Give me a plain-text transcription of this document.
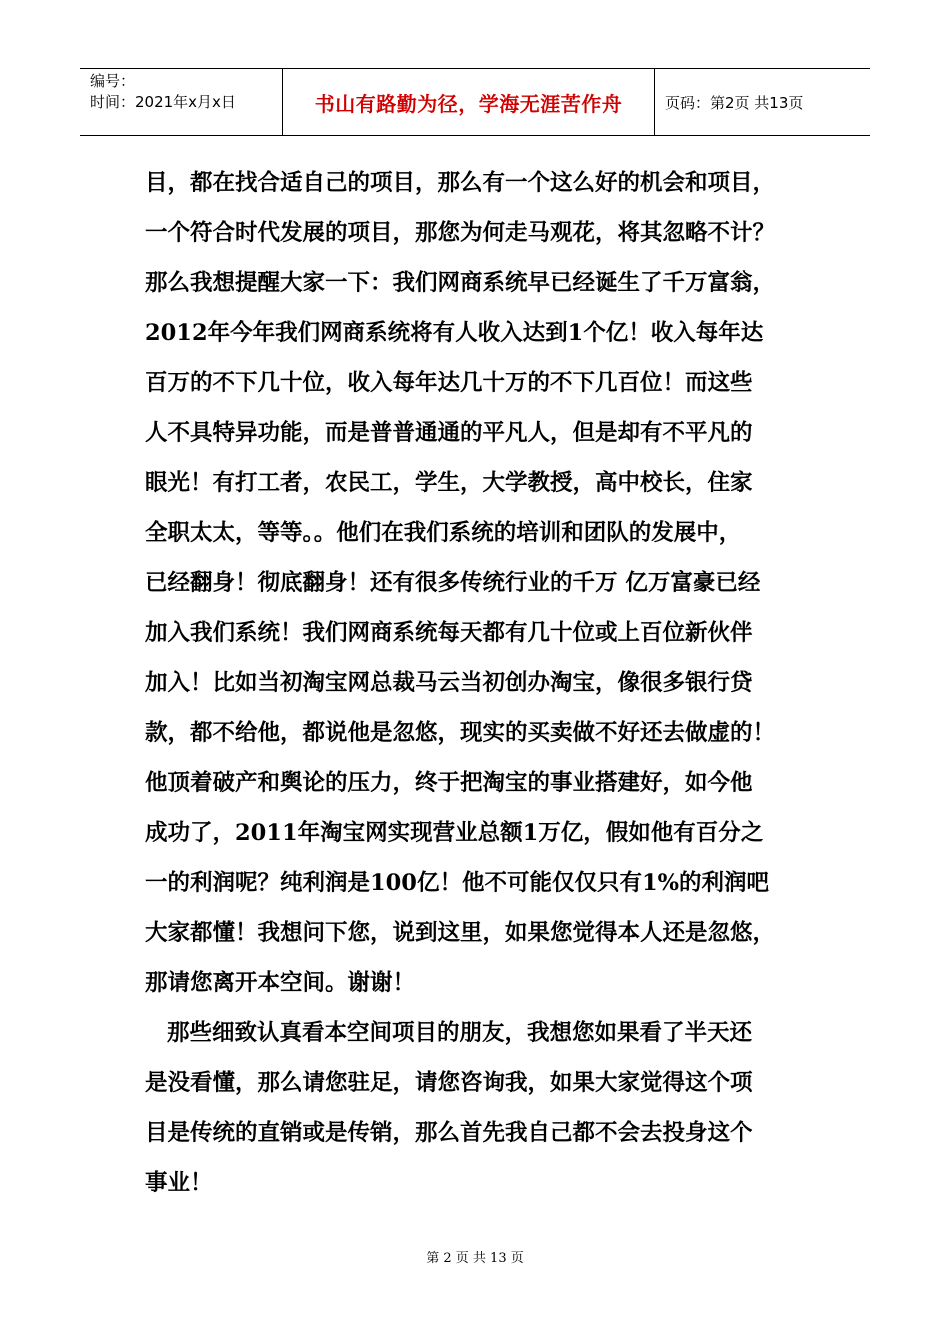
编号：
时间：2021年x月x日	书山有路勤为径，学海无涯苦作舟	页码：第2页 共13页
目，都在找合适自己的项目，那么有一个这么好的机会和项目，
一个符合时代发展的项目，那您为何走马观花，将其忽略不计？
那么我想提醒大家一下：我们网商系统早已经诞生了千万富翁，
2012年今年我们网商系统将有人收入达到1个亿！收入每年达
百万的不下几十位，收入每年达几十万的不下几百位！而这些
人不具特异功能，而是普普通通的平凡人，但是却有不平凡的
眼光！有打工者，农民工，学生，大学教授，高中校长，住家
全职太太，等等。。他们在我们系统的培训和团队的发展中，
已经翻身！彻底翻身！还有很多传统行业的千万 亿万富豪已经
加入我们系统！我们网商系统每天都有几十位或上百位新伙伴
加入！比如当初淘宝网总裁马云当初创办淘宝，像很多银行贷
款，都不给他，都说他是忽悠，现实的买卖做不好还去做虚的！
他顶着破产和舆论的压力，终于把淘宝的事业搭建好，如今他
成功了，2011年淘宝网实现营业总额1万亿，假如他有百分之
一的利润呢？纯利润是100亿！他不可能仅仅只有1%的利润吧
大家都懂！我想问下您，说到这里，如果您觉得本人还是忽悠，
那请您离开本空间。谢谢！
那些细致认真看本空间项目的朋友，我想您如果看了半天还
是没看懂，那么请您驻足，请您咨询我，如果大家觉得这个项
目是传统的直销或是传销，那么首先我自己都不会去投身这个
事业！
第 2 页 共 13 页
